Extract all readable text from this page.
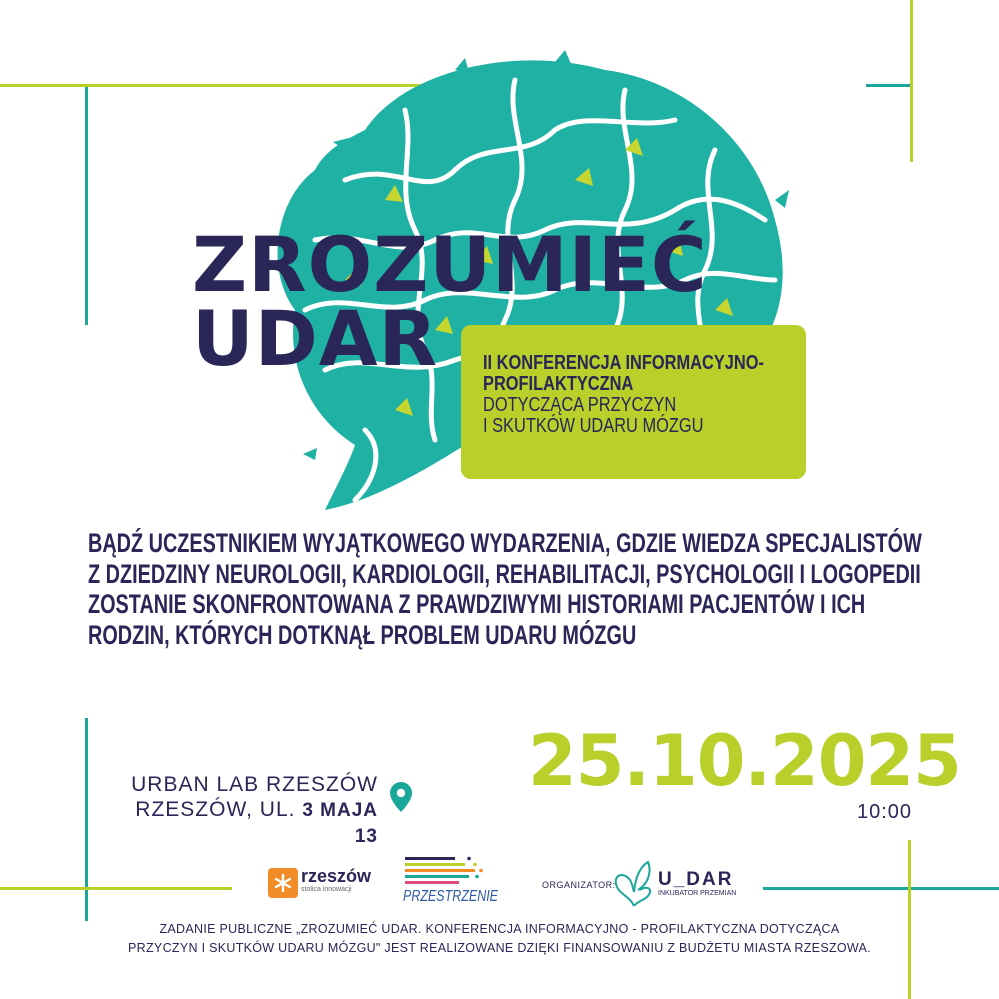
ZROZUMIEĆ
UDAR	II KONFERENCJA INFORMACYJNO-
PROFILAKTYCZNA
DOTYCZĄCA PRZYCZYN
I SKUTKÓW UDARU MÓZGU

BĄDŹ UCZESTNIKIEM WYJĄTKOWEGO WYDARZENIA, GDZIE WIEDZA SPECJALISTÓW
Z DZIEDZINY NEUROLOGII, KARDIOLOGII, REHABILITACJI, PSYCHOLOGII I LOGOPEDII
ZOSTANIE SKONFRONTOWANA Z PRAWDZIWYMI HISTORIAMI PACJENTÓW I ICH
RODZIN, KTÓRYCH DOTKNĄŁ PROBLEM UDARU MÓZGU

URBAN LAB RZESZÓW
RZESZÓW, UL. 3 MAJA 13
25.10.2025
10:00
rzeszów
stolica innowacji	PRZESTRZENIE
ORGANIZATOR: U_DAR
INKUBATOR PRZEMIAN
ZADANIE PUBLICZNE „ZROZUMIEĆ UDAR. KONFERENCJA INFORMACYJNO - PROFILAKTYCZNA DOTYCZĄCA
PRZYCZYN I SKUTKÓW UDARU MÓZGU" JEST REALIZOWANE DZIĘKI FINANSOWANIU Z BUDŻETU MIASTA RZESZOWA.
